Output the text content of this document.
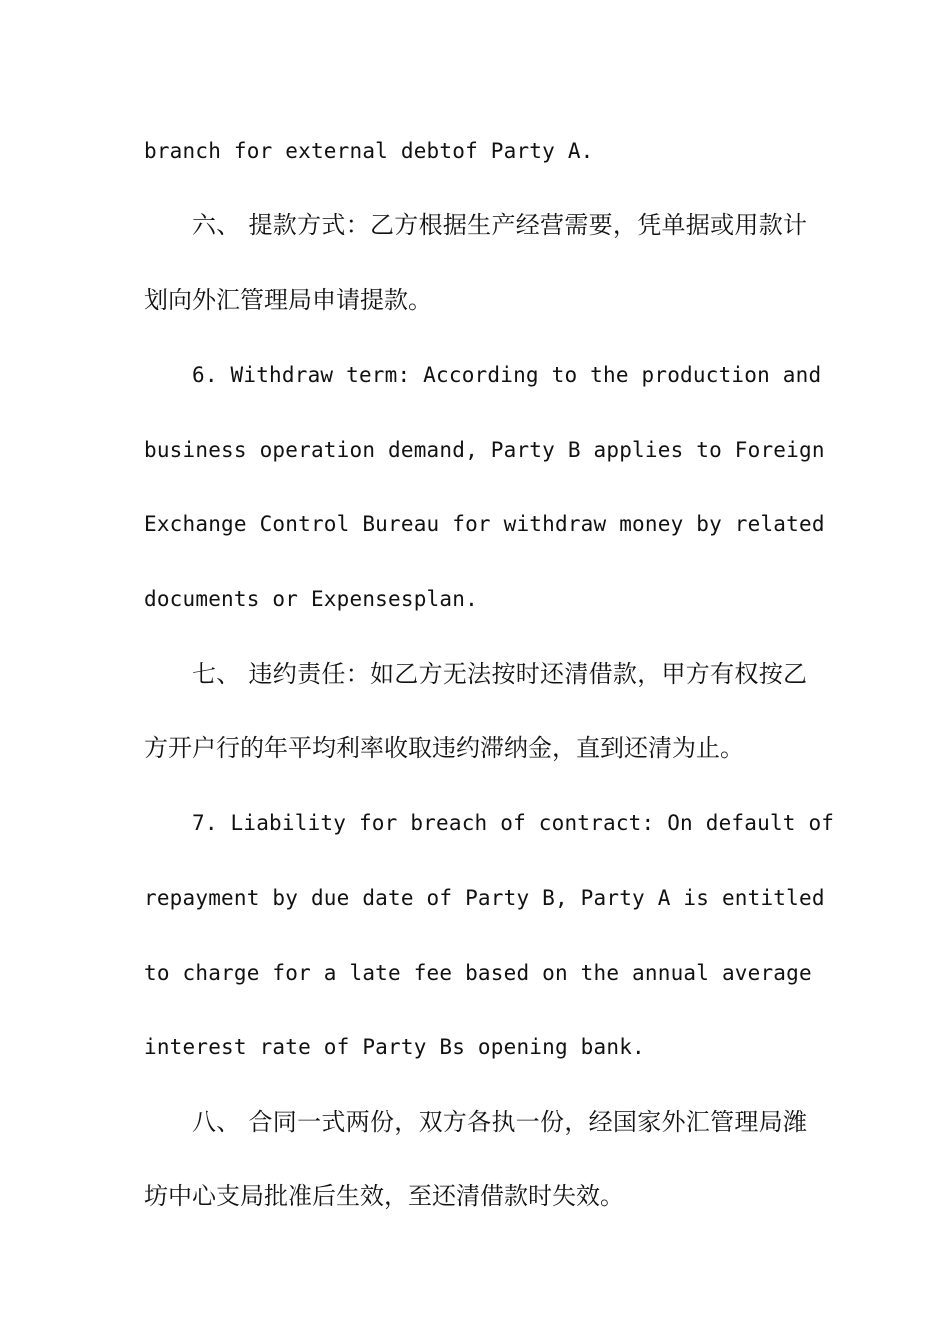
branch for external debtof Party A.
六、 提款方式：乙方根据生产经营需要，凭单据或用款计
划向外汇管理局申请提款。
6. Withdraw term: According to the production and
business operation demand, Party B applies to Foreign
Exchange Control Bureau for withdraw money by related
documents or Expensesplan.
七、 违约责任：如乙方无法按时还清借款，甲方有权按乙
方开户行的年平均利率收取违约滞纳金，直到还清为止。
7. Liability for breach of contract: On default of
repayment by due date of Party B, Party A is entitled
to charge for a late fee based on the annual average
interest rate of Party Bs opening bank.
八、 合同一式两份，双方各执一份，经国家外汇管理局潍
坊中心支局批准后生效，至还清借款时失效。
